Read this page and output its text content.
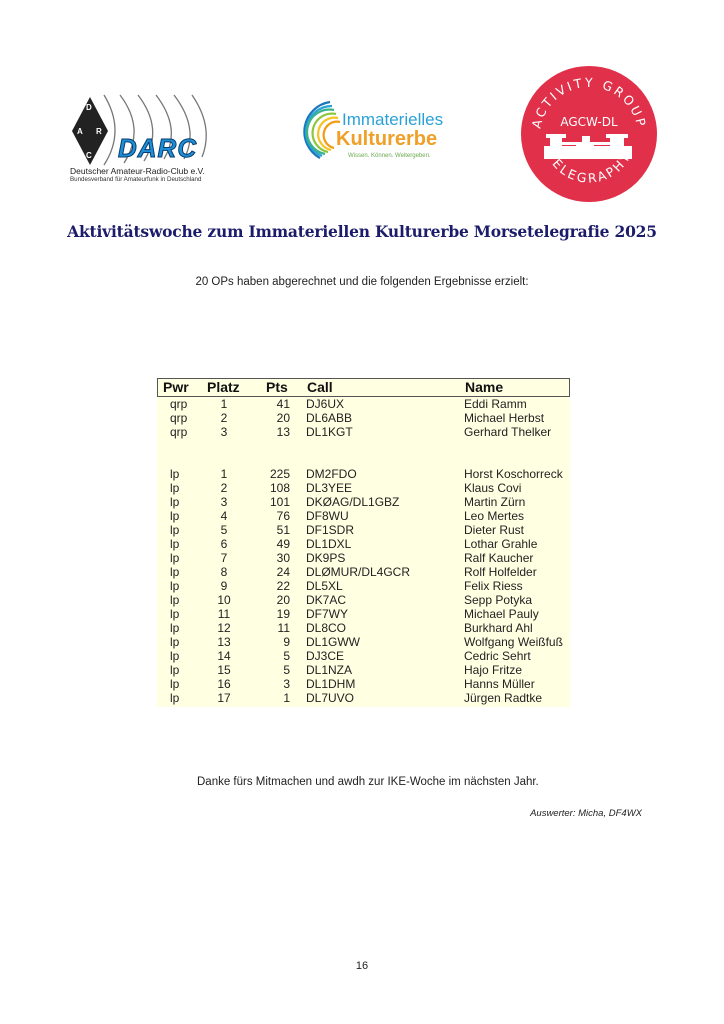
D
A R
C DARC
Deutscher Amateur-Radio-Club e.V.
Bundesverband für Amateurfunk in Deutschland
Immaterielles
Kulturerbe
Wissen. Können. Weitergeben.
ACTIVITY GROUP
AGCW-DL
TELEGRAPHY
Aktivitätswoche zum Immateriellen Kulturerbe Morsetelegrafie 2025
20 OPs haben abgerechnet und die folgenden Ergebnisse erzielt:
Pwr Platz Pts Call	Name
qrp	1	41 DJ6UX	Eddi Ramm
qrp	2	20 DL6ABB	Michael Herbst
qrp	3	13 DL1KGT	Gerhard Thelker
lp	1	225 DM2FDO	Horst Koschorreck
lp	2	108 DL3YEE	Klaus Covi
lp	3	101 DKØAG/DL1GBZ	Martin Zürn
lp	4	76 DF8WU	Leo Mertes
lp	5	51 DF1SDR	Dieter Rust
lp	6	49 DL1DXL	Lothar Grahle
lp	7	30 DK9PS	Ralf Kaucher
lp	8	24 DLØMUR/DL4GCR	Rolf Holfelder
lp	9	22 DL5XL	Felix Riess
lp	10	20 DK7AC	Sepp Potyka
lp	11	19 DF7WY	Michael Pauly
lp	12	11 DL8CO	Burkhard Ahl
lp	13	9 DL1GWW	Wolfgang Weißfuß
lp	14	5 DJ3CE	Cedric Sehrt
lp	15	5 DL1NZA	Hajo Fritze
lp	16	3 DL1DHM	Hanns Müller
lp	17	1 DL7UVO	Jürgen Radtke
Danke fürs Mitmachen und awdh zur IKE-Woche im nächsten Jahr.
Auswerter: Micha, DF4WX
16
